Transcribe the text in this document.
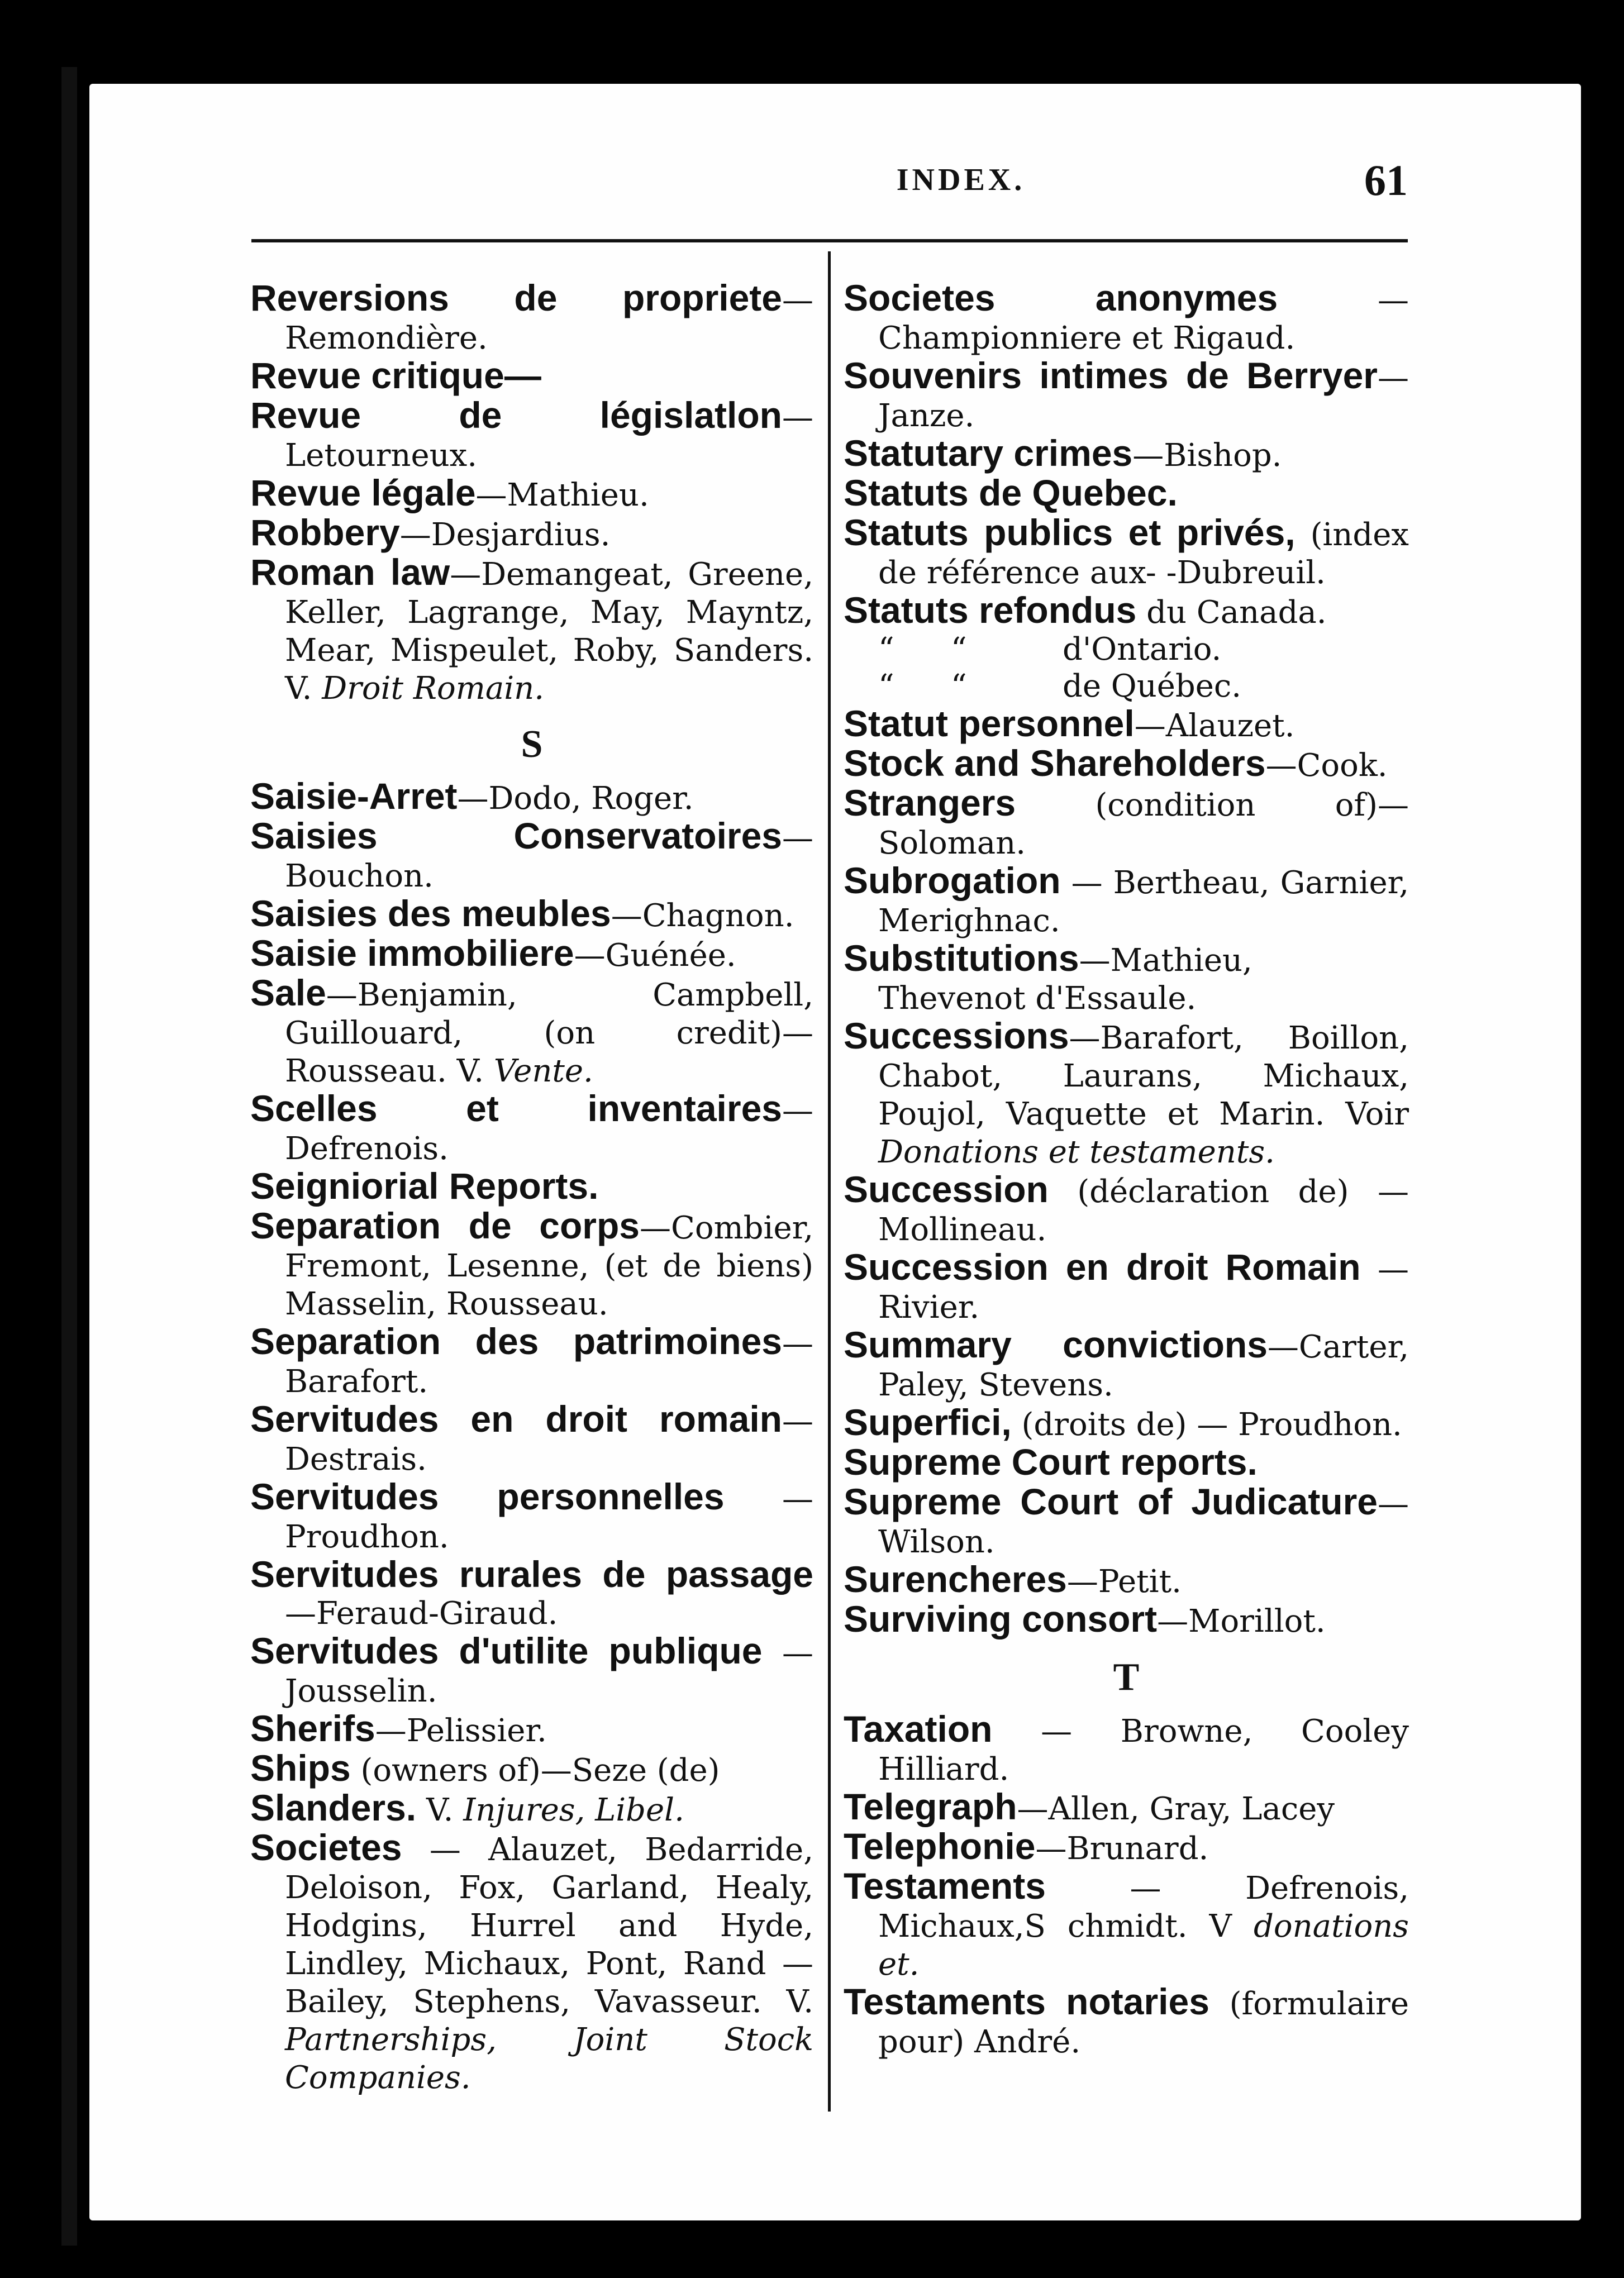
INDEX.	61

Reversions de propriete—Remondière.

Revue critique—

Revue de législatlon—Letourneux.

Revue légale—Mathieu.

Robbery—Desjardius.

Roman law—Demangeat, Greene, Keller, Lagrange, May, Mayntz, Mear, Mispeulet, Roby, Sanders. V. Droit Romain.

S

Saisie-Arret—Dodo, Roger.

Saisies Conservatoires—Bouchon.

Saisies des meubles—Chagnon.

Saisie immobiliere—Guénée.

Sale—Benjamin, Campbell, Guillouard, (on credit)—Rousseau. V. Vente.

Scelles et inventaires—Defrenois.

Seigniorial Reports.

Separation de corps—Combier, Fremont, Lesenne, (et de biens) Masselin, Rousseau.

Separation des patrimoines—Barafort.

Servitudes en droit romain—Destrais.

Servitudes personnelles —Proudhon.

Servitudes rurales de passage—Feraud-Giraud.

Servitudes d'utilite publique —Jousselin.

Sherifs—Pelissier.

Ships (owners of)—Seze (de)

Slanders. V. Injures, Libel.

Societes — Alauzet, Bedarride, Deloison, Fox, Garland, Healy, Hodgins, Hurrel and Hyde, Lindley, Michaux, Pont, Rand —Bailey, Stephens, Vavasseur. V. Partnerships, Joint Stock Companies.

Societes anonymes — Championniere et Rigaud.

Souvenirs intimes de Berryer—Janze.

Statutary crimes—Bishop.

Statuts de Quebec.

Statuts publics et privés, (index de référence aux- -Dubreuil.

Statuts refondus du Canada.

“ “	d'Ontario.
“ “	de Québec.

Statut personnel—Alauzet.

Stock and Shareholders—Cook.

Strangers (condition of)—Soloman.

Subrogation — Bertheau, Garnier, Merighnac.

Substitutions—Mathieu, Thevenot d'Essaule.

Successions—Barafort, Boillon, Chabot, Laurans, Michaux, Poujol, Vaquette et Marin. Voir Donations et testaments.

Succession (déclaration de) —Mollineau.

Succession en droit Romain —Rivier.

Summary convictions—Carter, Paley, Stevens.

Superfici, (droits de) — Proudhon.

Supreme Court reports.

Supreme Court of Judicature—Wilson.

Surencheres—Petit.

Surviving consort—Morillot.

T

Taxation — Browne, Cooley Hilliard.

Telegraph—Allen, Gray, Lacey

Telephonie—Brunard.

Testaments — Defrenois, Michaux,S chmidt. V donations et.

Testaments notaries (formulaire pour) André.
